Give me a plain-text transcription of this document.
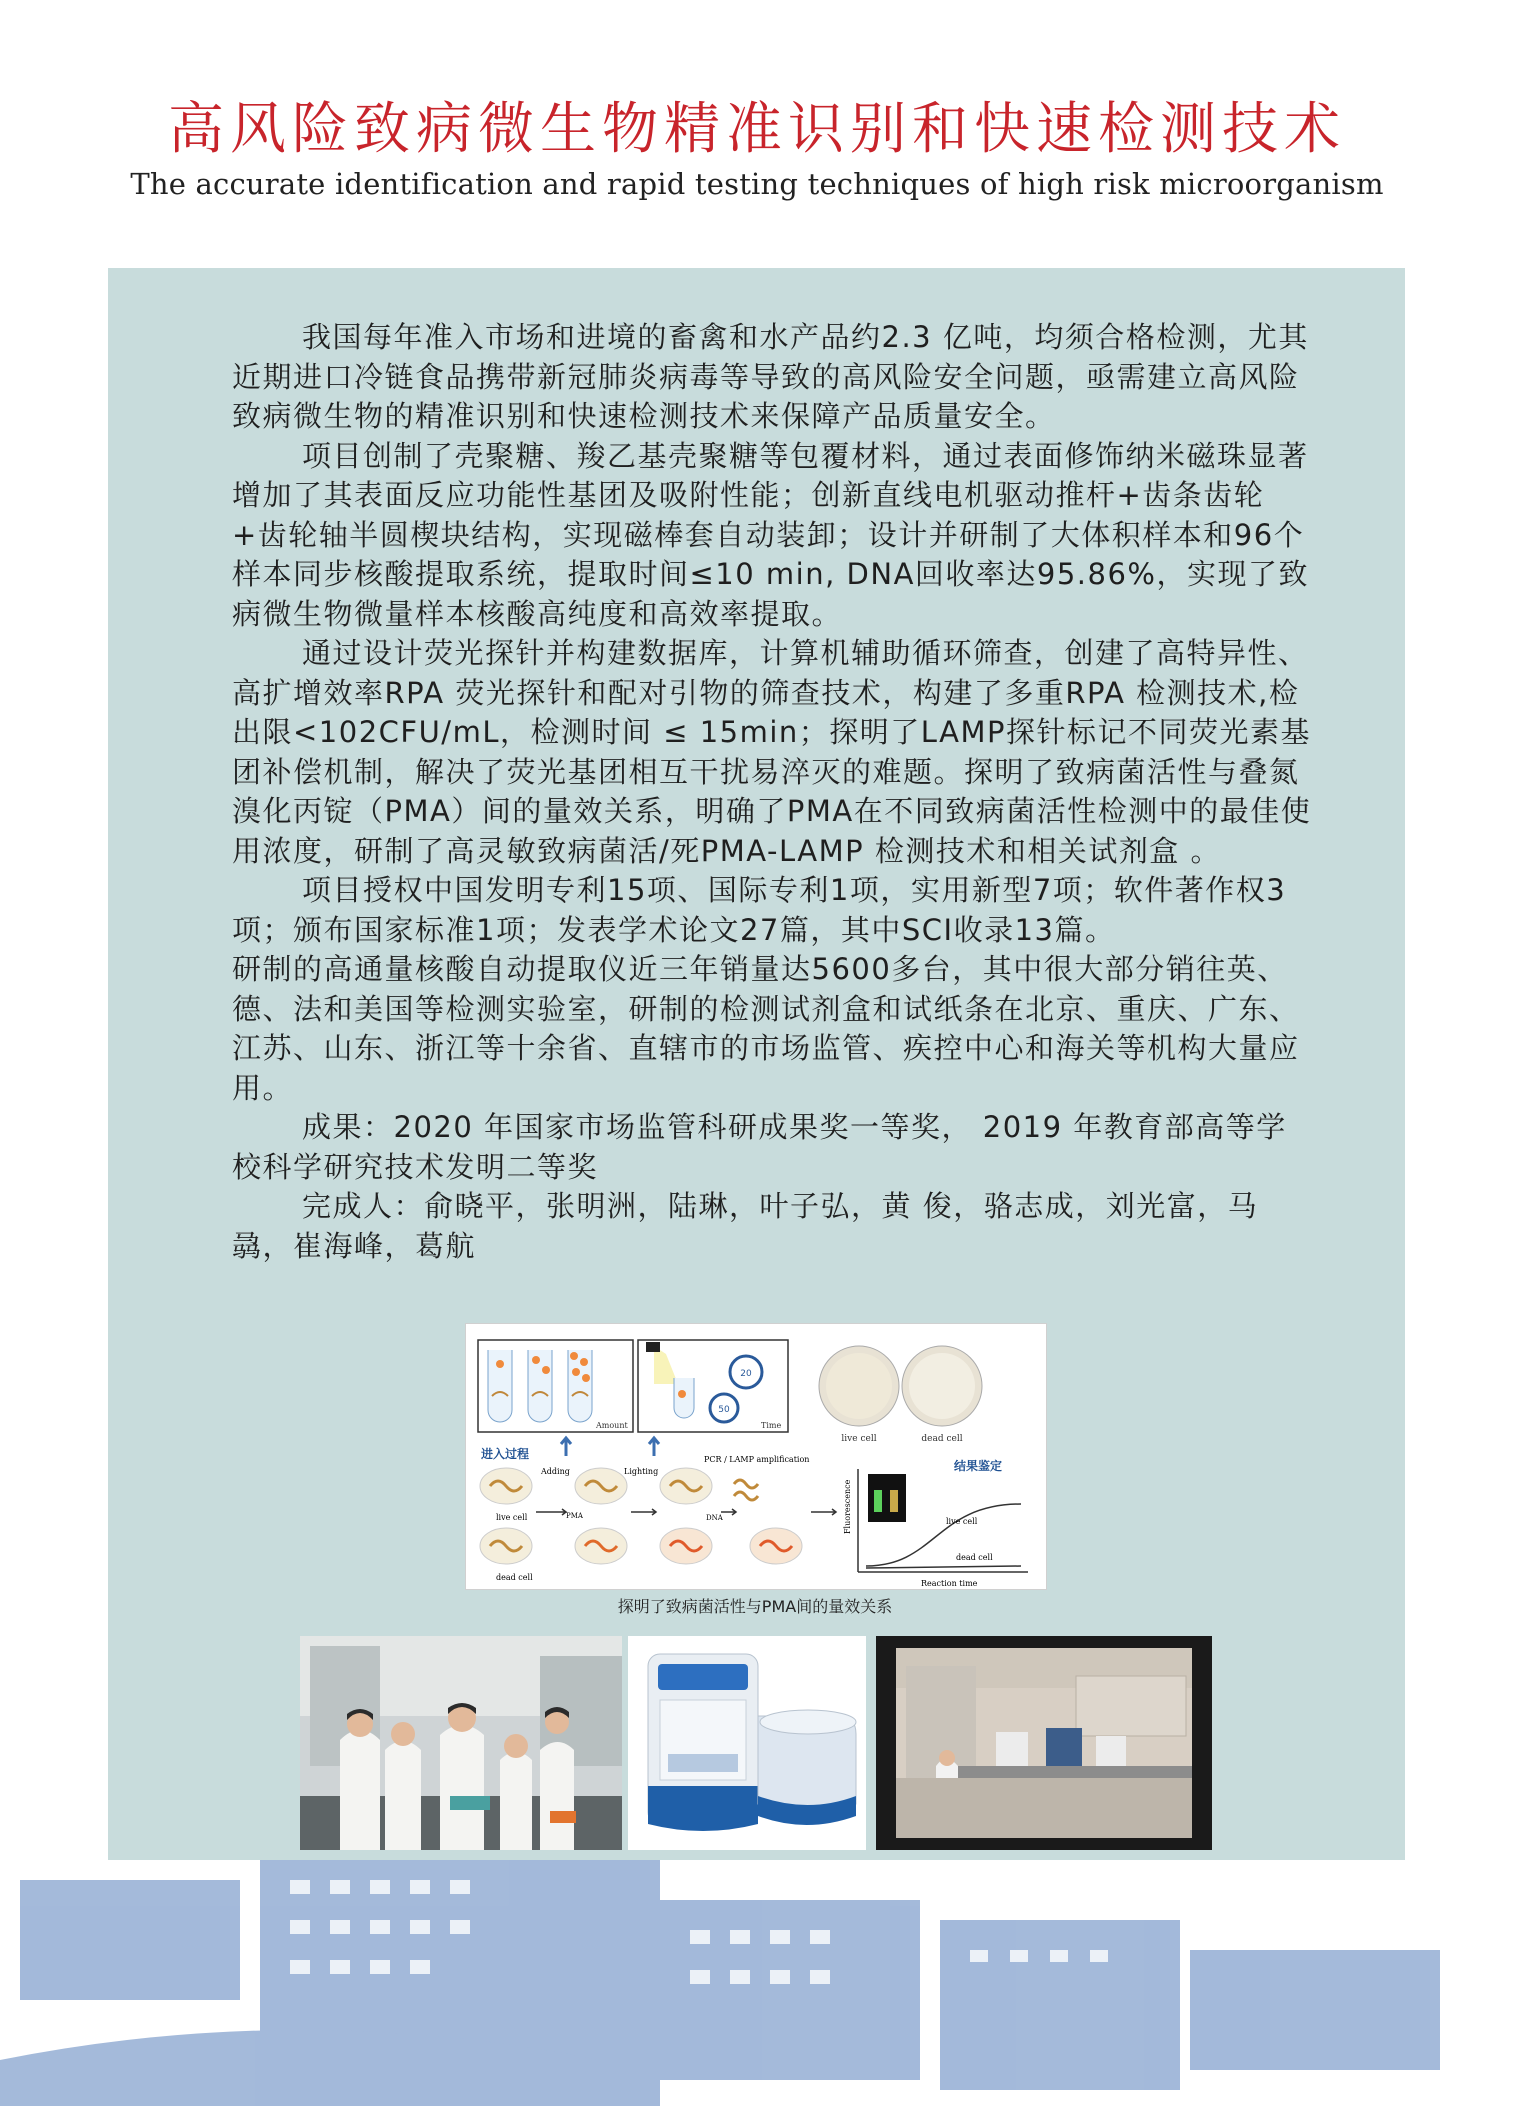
高风险致病微生物精准识别和快速检测技术

The accurate identification and rapid testing techniques of high risk microorganism

我国每年准入市场和进境的畜禽和水产品约2.3 亿吨，均须合格检测，尤其近期进口冷链食品携带新冠肺炎病毒等导致的高风险安全问题，亟需建立高风险致病微生物的精准识别和快速检测技术来保障产品质量安全。

项目创制了壳聚糖、羧乙基壳聚糖等包覆材料，通过表面修饰纳米磁珠显著增加了其表面反应功能性基团及吸附性能；创新直线电机驱动推杆+齿条齿轮+齿轮轴半圆楔块结构，实现磁棒套自动装卸；设计并研制了大体积样本和96个样本同步核酸提取系统，提取时间≤10 min, DNA回收率达95.86%，实现了致病微生物微量样本核酸高纯度和高效率提取。

通过设计荧光探针并构建数据库，计算机辅助循环筛查，创建了高特异性、高扩增效率RPA 荧光探针和配对引物的筛查技术，构建了多重RPA 检测技术,检出限<102CFU/mL，检测时间 ≤ 15min；探明了LAMP探针标记不同荧光素基团补偿机制，解决了荧光基团相互干扰易淬灭的难题。探明了致病菌活性与叠氮溴化丙锭（PMA）间的量效关系，明确了PMA在不同致病菌活性检测中的最佳使用浓度，研制了高灵敏致病菌活/死PMA-LAMP 检测技术和相关试剂盒 。

项目授权中国发明专利15项、国际专利1项，实用新型7项；软件著作权3项；颁布国家标准1项；发表学术论文27篇，其中SCI收录13篇。

研制的高通量核酸自动提取仪近三年销量达5600多台，其中很大部分销往英、德、法和美国等检测实验室，研制的检测试剂盒和试纸条在北京、重庆、广东、江苏、山东、浙江等十余省、直辖市的市场监管、疾控中心和海关等机构大量应用。

成果：2020 年国家市场监管科研成果奖一等奖， 2019 年教育部高等学校科学研究技术发明二等奖

完成人：俞晓平，张明洲，陆琳，叶子弘，黄 俊，骆志成，刘光富，马骉，崔海峰，葛航

Amount
20
50
Time
live cell	dead cell
进入过程
结果鉴定
Adding	Lighting
PCR / LAMP amplification
live cell
dead cell
PMA	DNA	Fluorescence
Reaction time
live cell
dead cell
探明了致病菌活性与PMA间的量效关系
